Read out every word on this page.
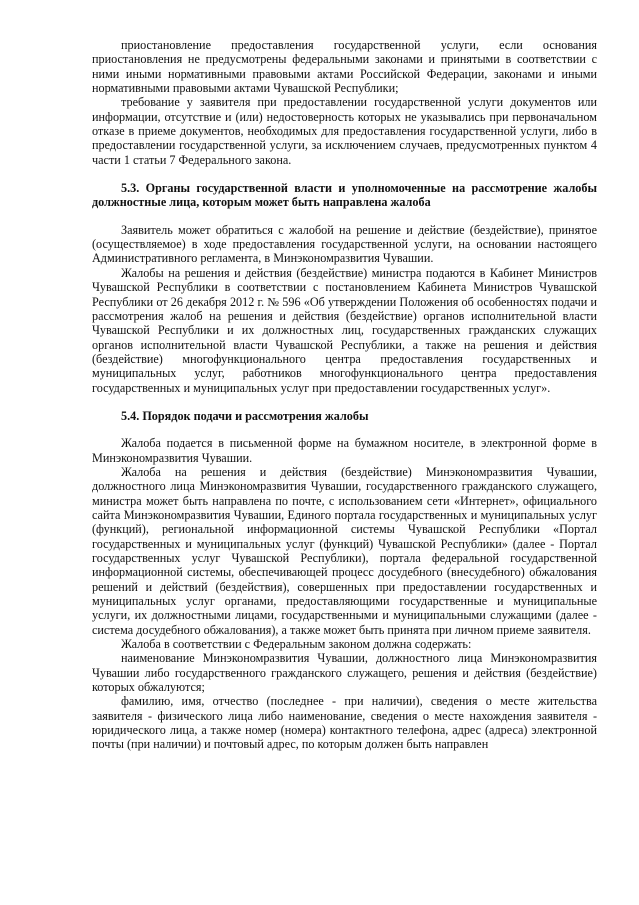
приостановление предоставления государственной услуги, если основания приостановления не предусмотрены федеральными законами и принятыми в соответствии с ними иными нормативными правовыми актами Российской Федерации, законами и иными нормативными правовыми актами Чувашской Республики;

требование у заявителя при предоставлении государственной услуги документов или информации, отсутствие и (или) недостоверность которых не указывались при первоначальном отказе в приеме документов, необходимых для предоставления государственной услуги, либо в предоставлении государственной услуги, за исключением случаев, предусмотренных пунктом 4 части 1 статьи 7 Федерального закона.

5.3. Органы государственной власти и уполномоченные на рассмотрение жалобы должностные лица, которым может быть направлена жалоба

Заявитель может обратиться с жалобой на решение и действие (бездействие), принятое (осуществляемое) в ходе предоставления государственной услуги, на основании настоящего Административного регламента, в Минэкономразвития Чувашии.

Жалобы на решения и действия (бездействие) министра подаются в Кабинет Министров Чувашской Республики в соответствии с постановлением Кабинета Министров Чувашской Республики от 26 декабря 2012 г. № 596 «Об утверждении Положения об особенностях подачи и рассмотрения жалоб на решения и действия (бездействие) органов исполнительной власти Чувашской Республики и их должностных лиц, государственных гражданских служащих органов исполнительной власти Чувашской Республики, а также на решения и действия (бездействие) многофункционального центра предоставления государственных и муниципальных услуг, работников многофункционального центра предоставления государственных и муниципальных услуг при предоставлении государственных услуг».

5.4. Порядок подачи и рассмотрения жалобы

Жалоба подается в письменной форме на бумажном носителе, в электронной форме в Минэкономразвития Чувашии.

Жалоба на решения и действия (бездействие) Минэкономразвития Чувашии, должностного лица Минэкономразвития Чувашии, государственного гражданского служащего, министра может быть направлена по почте, с использованием сети «Интернет», официального сайта Минэкономразвития Чувашии, Единого портала государственных и муниципальных услуг (функций), региональной информационной системы Чувашской Республики «Портал государственных и муниципальных услуг (функций) Чувашской Республики» (далее - Портал государственных услуг Чувашской Республики), портала федеральной государственной информационной системы, обеспечивающей процесс досудебного (внесудебного) обжалования решений и действий (бездействия), совершенных при предоставлении государственных и муниципальных услуг органами, предоставляющими государственные и муниципальные услуги, их должностными лицами, государственными и муниципальными служащими (далее - система досудебного обжалования), а также может быть принята при личном приеме заявителя.

Жалоба в соответствии с Федеральным законом должна содержать:

наименование Минэкономразвития Чувашии, должностного лица Минэкономразвития Чувашии либо государственного гражданского служащего, решения и действия (бездействие) которых обжалуются;

фамилию, имя, отчество (последнее - при наличии), сведения о месте жительства заявителя - физического лица либо наименование, сведения о месте нахождения заявителя - юридического лица, а также номер (номера) контактного телефона, адрес (адреса) электронной почты (при наличии) и почтовый адрес, по которым должен быть направлен
